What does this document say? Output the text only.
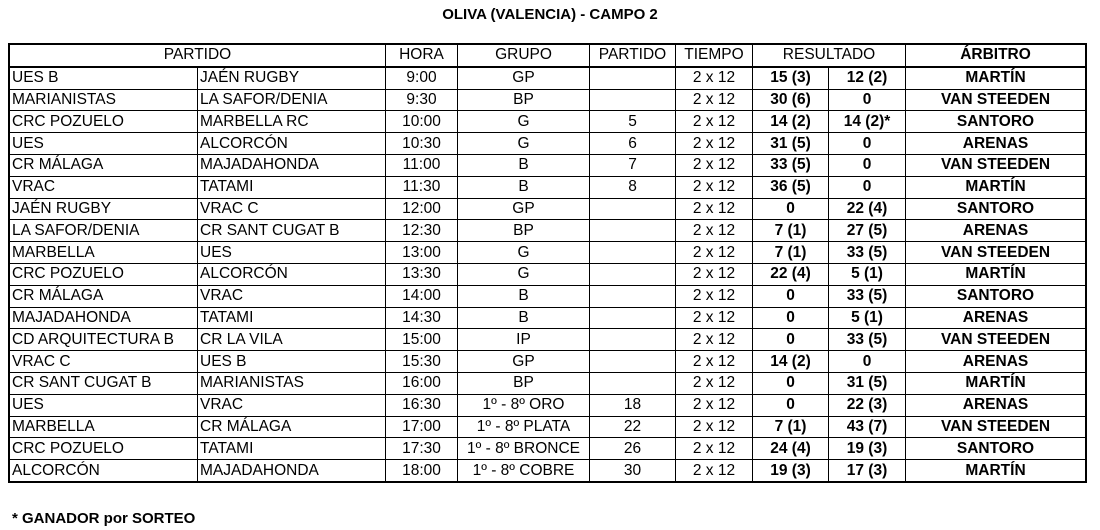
OLIVA (VALENCIA) - CAMPO 2
PARTIDO		HORA	GRUPO	PARTIDO	TIEMPO	RESULTADO		ÁRBITRO
UES B	JAÉN RUGBY	9:00	GP		2 x 12	15 (3)	12 (2)	MARTÍN
MARIANISTAS	LA SAFOR/DENIA	9:30	BP		2 x 12	30 (6)	0	VAN STEEDEN
CRC POZUELO	MARBELLA RC	10:00	G	5	2 x 12	14 (2)	14 (2)*	SANTORO
UES	ALCORCÓN	10:30	G	6	2 x 12	31 (5)	0	ARENAS
CR MÁLAGA	MAJADAHONDA	11:00	B	7	2 x 12	33 (5)	0	VAN STEEDEN
VRAC	TATAMI	11:30	B	8	2 x 12	36 (5)	0	MARTÍN
JAÉN RUGBY	VRAC C	12:00	GP		2 x 12	0	22 (4)	SANTORO
LA SAFOR/DENIA	CR SANT CUGAT B	12:30	BP		2 x 12	7 (1)	27 (5)	ARENAS
MARBELLA	UES	13:00	G		2 x 12	7 (1)	33 (5)	VAN STEEDEN
CRC POZUELO	ALCORCÓN	13:30	G		2 x 12	22 (4)	5 (1)	MARTÍN
CR MÁLAGA	VRAC	14:00	B		2 x 12	0	33 (5)	SANTORO
MAJADAHONDA	TATAMI	14:30	B		2 x 12	0	5 (1)	ARENAS
CD ARQUITECTURA B	CR LA VILA	15:00	IP		2 x 12	0	33 (5)	VAN STEEDEN
VRAC C	UES B	15:30	GP		2 x 12	14 (2)	0	ARENAS
CR SANT CUGAT B	MARIANISTAS	16:00	BP		2 x 12	0	31 (5)	MARTÍN
UES	VRAC	16:30	1º - 8º ORO	18	2 x 12	0	22 (3)	ARENAS
MARBELLA	CR MÁLAGA	17:00	1º - 8º PLATA	22	2 x 12	7 (1)	43 (7)	VAN STEEDEN
CRC POZUELO	TATAMI	17:30	1º - 8º BRONCE	26	2 x 12	24 (4)	19 (3)	SANTORO
ALCORCÓN	MAJADAHONDA	18:00	1º - 8º COBRE	30	2 x 12	19 (3)	17 (3)	MARTÍN
* GANADOR por SORTEO
